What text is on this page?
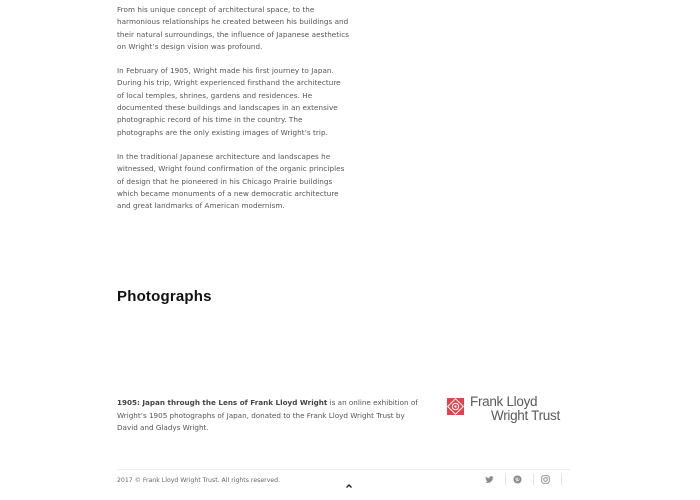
From his unique concept of architectural space, to the harmonious relationships he created between his buildings and their natural surroundings, the influence of Japanese aesthetics on Wright’s design vision was profound.

In February of 1905, Wright made his first journey to Japan. During his trip, Wright experienced firsthand the architecture of local temples, shrines, gardens and residences. He documented these buildings and landscapes in an extensive photographic record of his time in the country. The photographs are the only existing images of Wright’s trip.

In the traditional Japanese architecture and landscapes he witnessed, Wright found confirmation of the organic principles of design that he pioneered in his Chicago Prairie buildings which became monuments of a new democratic architecture and great landmarks of American modernism.

Photographs

1905: Japan through the Lens of Frank Lloyd Wright is an online exhibition of Wright’s 1905 photographs of Japan, donated to the Frank Lloyd Wright Trust by David and Gladys Wright.

Frank Lloyd
Wright Trust
2017 © Frank Lloyd Wright Trust. All rights reserved.
